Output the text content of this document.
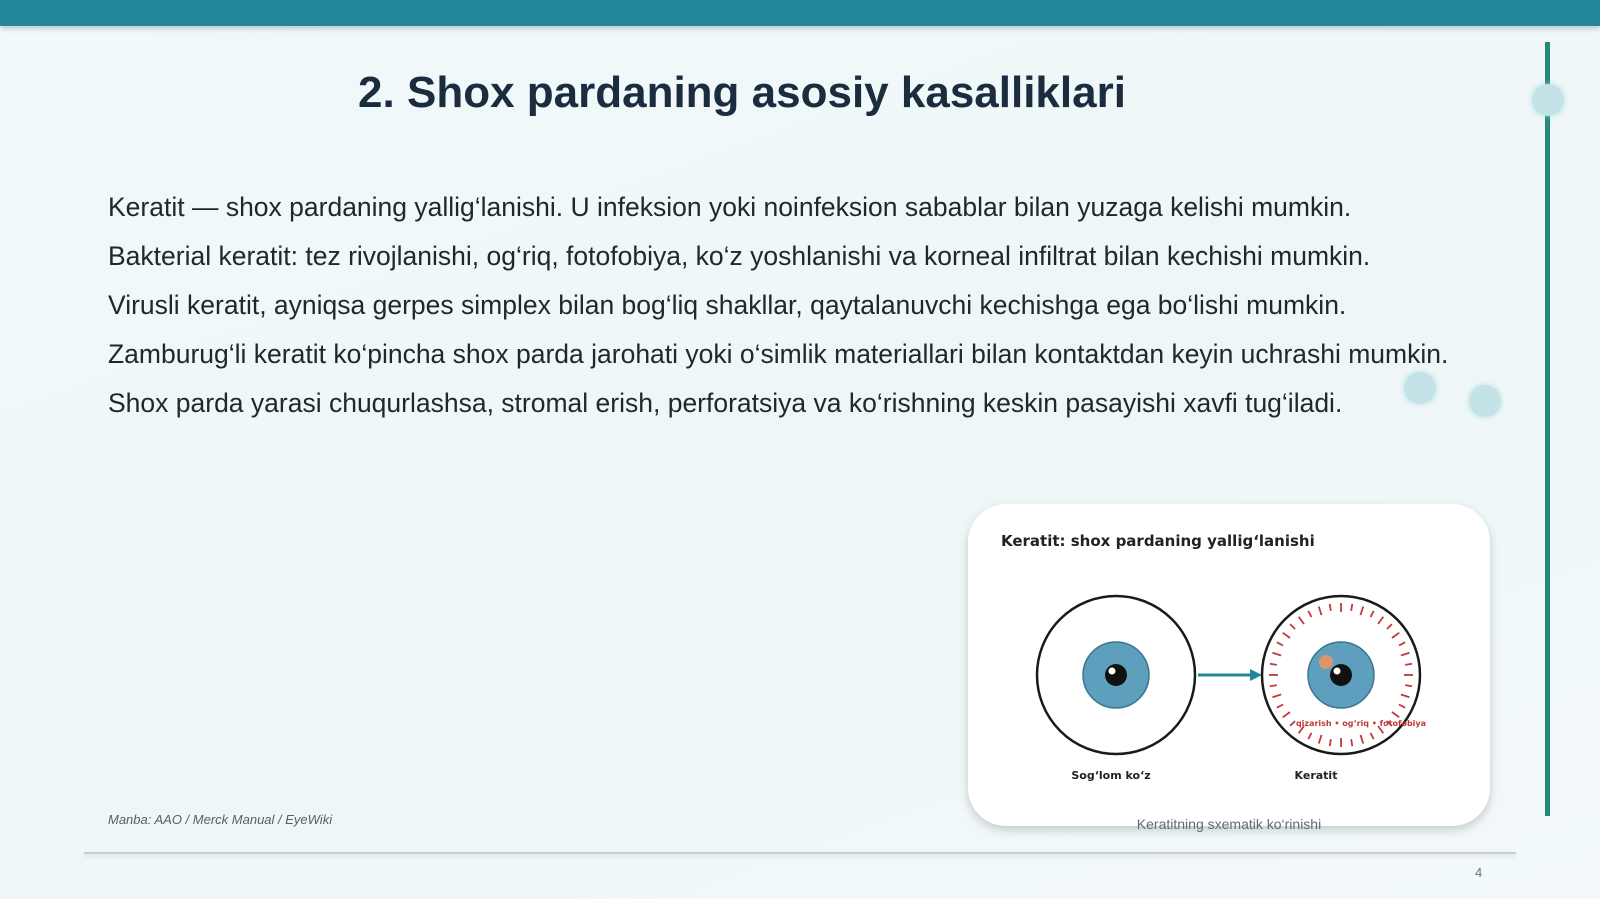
2. Shox pardaning asosiy kasalliklari

Keratit — shox pardaning yallig‘lanishi. U infeksion yoki noinfeksion sabablar bilan yuzaga kelishi mumkin.

Bakterial keratit: tez rivojlanishi, og‘riq, fotofobiya, ko‘z yoshlanishi va korneal infiltrat bilan kechishi mumkin.

Virusli keratit, ayniqsa gerpes simplex bilan bog‘liq shakllar, qaytalanuvchi kechishga ega bo‘lishi mumkin.

Zamburug‘li keratit ko‘pincha shox parda jarohati yoki o‘simlik materiallari bilan kontaktdan keyin uchrashi mumkin.

Shox parda yarasi chuqurlashsa, stromal erish, perforatsiya va ko‘rishning keskin pasayishi xavfi tug‘iladi.

Keratit: shox pardaning yallig‘lanishi
qizarish • og‘riq • fotofobiya
Sog‘lom ko‘z	Keratit
Keratitning sxematik ko‘rinishi
Manba: AAO / Merck Manual / EyeWiki
4
